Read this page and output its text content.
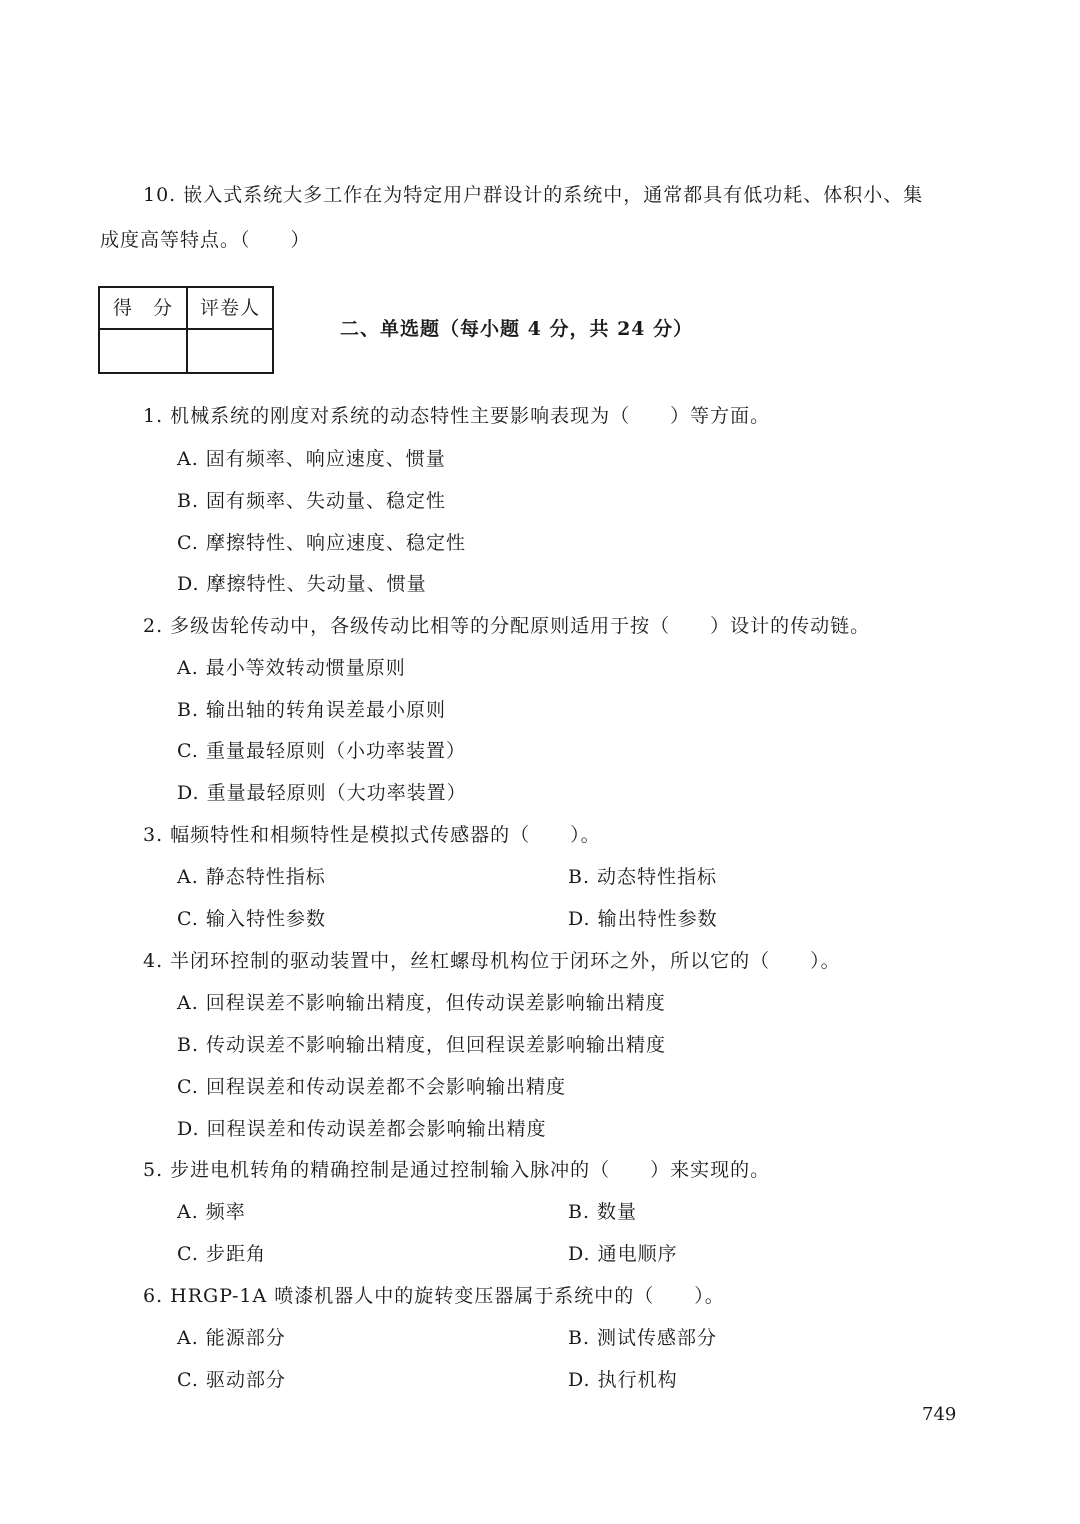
10. 嵌入式系统大多工作在为特定用户群设计的系统中，通常都具有低功耗、体积小、集
成度高等特点。（　　）
得　分	评卷人

二、单选题（每小题 4 分，共 24 分）
1. 机械系统的刚度对系统的动态特性主要影响表现为（　　）等方面。
A. 固有频率、响应速度、惯量
B. 固有频率、失动量、稳定性
C. 摩擦特性、响应速度、稳定性
D. 摩擦特性、失动量、惯量
2. 多级齿轮传动中，各级传动比相等的分配原则适用于按（　　）设计的传动链。
A. 最小等效转动惯量原则
B. 输出轴的转角误差最小原则
C. 重量最轻原则（小功率装置）
D. 重量最轻原则（大功率装置）
3. 幅频特性和相频特性是模拟式传感器的（　　）。
A. 静态特性指标	B. 动态特性指标
C. 输入特性参数	D. 输出特性参数
4. 半闭环控制的驱动装置中，丝杠螺母机构位于闭环之外，所以它的（　　）。
A. 回程误差不影响输出精度，但传动误差影响输出精度
B. 传动误差不影响输出精度，但回程误差影响输出精度
C. 回程误差和传动误差都不会影响输出精度
D. 回程误差和传动误差都会影响输出精度
5. 步进电机转角的精确控制是通过控制输入脉冲的（　　）来实现的。
A. 频率	B. 数量
C. 步距角	D. 通电顺序
6. HRGP-1A 喷漆机器人中的旋转变压器属于系统中的（　　）。
A. 能源部分	B. 测试传感部分
C. 驱动部分	D. 执行机构
749
